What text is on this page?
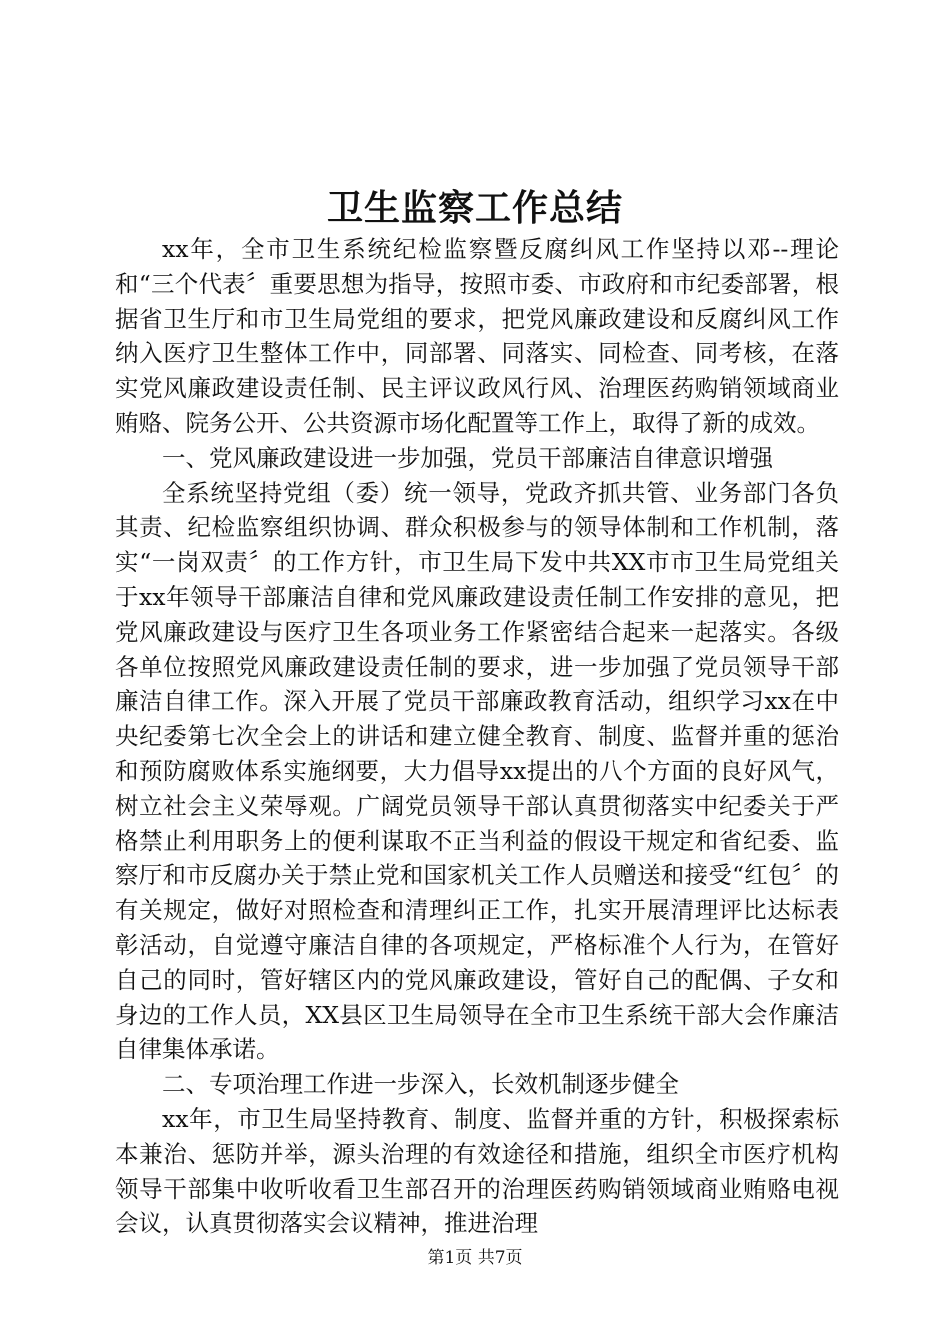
卫生监察工作总结

xx年，全市卫生系统纪检监察暨反腐纠风工作坚持以邓--理论和“三个代表〞重要思想为指导，按照市委、市政府和市纪委部署，根据省卫生厅和市卫生局党组的要求，把党风廉政建设和反腐纠风工作纳入医疗卫生整体工作中，同部署、同落实、同检查、同考核，在落实党风廉政建设责任制、民主评议政风行风、治理医药购销领域商业贿赂、院务公开、公共资源市场化配置等工作上，取得了新的成效。

一、党风廉政建设进一步加强，党员干部廉洁自律意识增强

全系统坚持党组（委）统一领导，党政齐抓共管、业务部门各负其责、纪检监察组织协调、群众积极参与的领导体制和工作机制，落实“一岗双责〞的工作方针，市卫生局下发中共XX市市卫生局党组关于xx年领导干部廉洁自律和党风廉政建设责任制工作安排的意见，把党风廉政建设与医疗卫生各项业务工作紧密结合起来一起落实。各级各单位按照党风廉政建设责任制的要求，进一步加强了党员领导干部廉洁自律工作。深入开展了党员干部廉政教育活动，组织学习xx在中央纪委第七次全会上的讲话和建立健全教育、制度、监督并重的惩治和预防腐败体系实施纲要，大力倡导xx提出的八个方面的良好风气，树立社会主义荣辱观。广阔党员领导干部认真贯彻落实中纪委关于严格禁止利用职务上的便利谋取不正当利益的假设干规定和省纪委、监察厅和市反腐办关于禁止党和国家机关工作人员赠送和接受“红包〞的有关规定，做好对照检查和清理纠正工作，扎实开展清理评比达标表彰活动，自觉遵守廉洁自律的各项规定，严格标准个人行为，在管好自己的同时，管好辖区内的党风廉政建设，管好自己的配偶、子女和身边的工作人员，XX县区卫生局领导在全市卫生系统干部大会作廉洁自律集体承诺。

二、专项治理工作进一步深入，长效机制逐步健全

xx年，市卫生局坚持教育、制度、监督并重的方针，积极探索标本兼治、惩防并举，源头治理的有效途径和措施，组织全市医疗机构领导干部集中收听收看卫生部召开的治理医药购销领域商业贿赂电视　　会议，认真贯彻落实会议精神，推进治理

第1页 共7页
